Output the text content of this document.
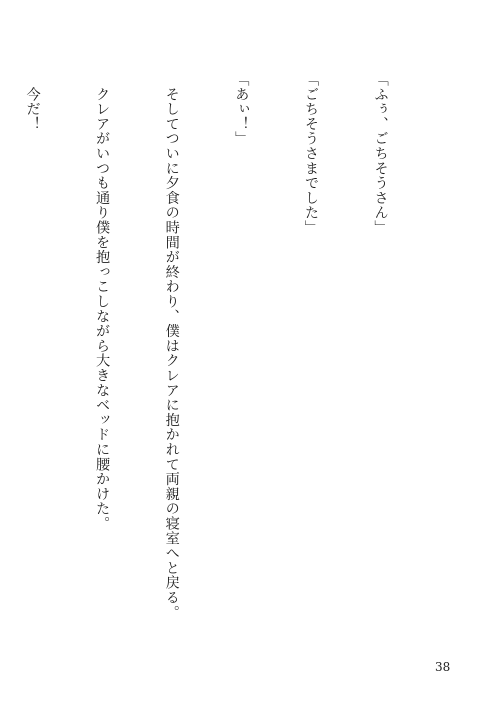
「ふぅ、ごちそうさん」

「ごちそうさまでした」

「あぃ！」

　そしてついに夕食の時間が終わり、僕はクレアに抱かれて両親の寝室へと戻る。

　クレアがいつも通り僕を抱っこしながら大きなベッドに腰かけた。

　今だ！

38
